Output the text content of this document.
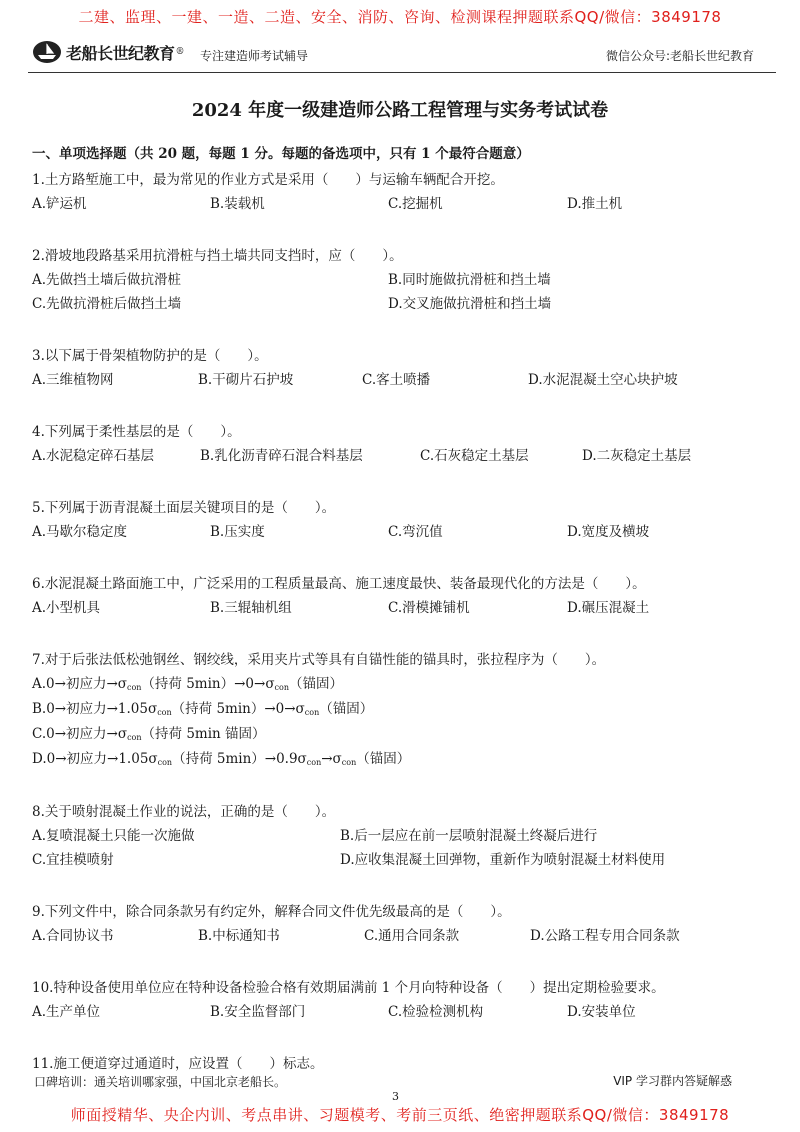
二建、监理、一建、一造、二造、安全、消防、咨询、检测课程押题联系QQ/微信：3849178
老船长世纪教育 ® 专注建造师考试辅导	微信公众号:老船长世纪教育
2024 年度一级建造师公路工程管理与实务考试试卷
一、单项选择题（共 20 题，每题 1 分。每题的备选项中，只有 1 个最符合题意）
1.土方路堑施工中，最为常见的作业方式是采用（　　）与运输车辆配合开挖。
A.铲运机	B.装载机	C.挖掘机	D.推土机
2.滑坡地段路基采用抗滑桩与挡土墙共同支挡时，应（　　）。
A.先做挡土墙后做抗滑桩	B.同时施做抗滑桩和挡土墙
C.先做抗滑桩后做挡土墙	D.交叉施做抗滑桩和挡土墙
3.以下属于骨架植物防护的是（　　）。
A.三维植物网	B.干砌片石护坡	C.客土喷播	D.水泥混凝土空心块护坡
4.下列属于柔性基层的是（　　）。
A.水泥稳定碎石基层	B.乳化沥青碎石混合料基层	C.石灰稳定土基层	D.二灰稳定土基层
5.下列属于沥青混凝土面层关键项目的是（　　）。
A.马歇尔稳定度	B.压实度	C.弯沉值	D.宽度及横坡
6.水泥混凝土路面施工中，广泛采用的工程质量最高、施工速度最快、装备最现代化的方法是（　　）。
A.小型机具	B.三辊轴机组	C.滑模摊铺机	D.碾压混凝土
7.对于后张法低松弛钢丝、钢绞线，采用夹片式等具有自锚性能的锚具时，张拉程序为（　　）。
A.0→初应力$\to\sigma_{con}$（持荷 $5\min)\to 0\to\sigma_{con}$（锚固）
B.0→初应力$\to 1.05\sigma_{con}$（持荷 $5\min)\to 0\to\sigma_{con}$（锚固）
C.0→初应力$\to\sigma_{con}$（持荷 5min 锚固）
D.0→初应力$\to 1.05\sigma_{con}$（持荷 $5\min)\to 0.9\sigma_{con}\to\sigma_{con}$（锚固）
8.关于喷射混凝土作业的说法，正确的是（　　）。
A.复喷混凝土只能一次施做	B.后一层应在前一层喷射混凝土终凝后进行
C.宜挂模喷射	D.应收集混凝土回弹物，重新作为喷射混凝土材料使用
9.下列文件中，除合同条款另有约定外，解释合同文件优先级最高的是（　　）。
A.合同协议书	B.中标通知书	C.通用合同条款	D.公路工程专用合同条款
10.特种设备使用单位应在特种设备检验合格有效期届满前 1 个月向特种设备（　　）提出定期检验要求。
A.生产单位	B.安全监督部门	C.检验检测机构	D.安装单位
11.施工便道穿过通道时，应设置（　　）标志。
口碑培训：通关培训哪家强，中国北京老船长。	VIP 学习群内答疑解惑
3
师面授精华、央企内训、考点串讲、习题模考、考前三页纸、绝密押题联系QQ/微信：3849178
